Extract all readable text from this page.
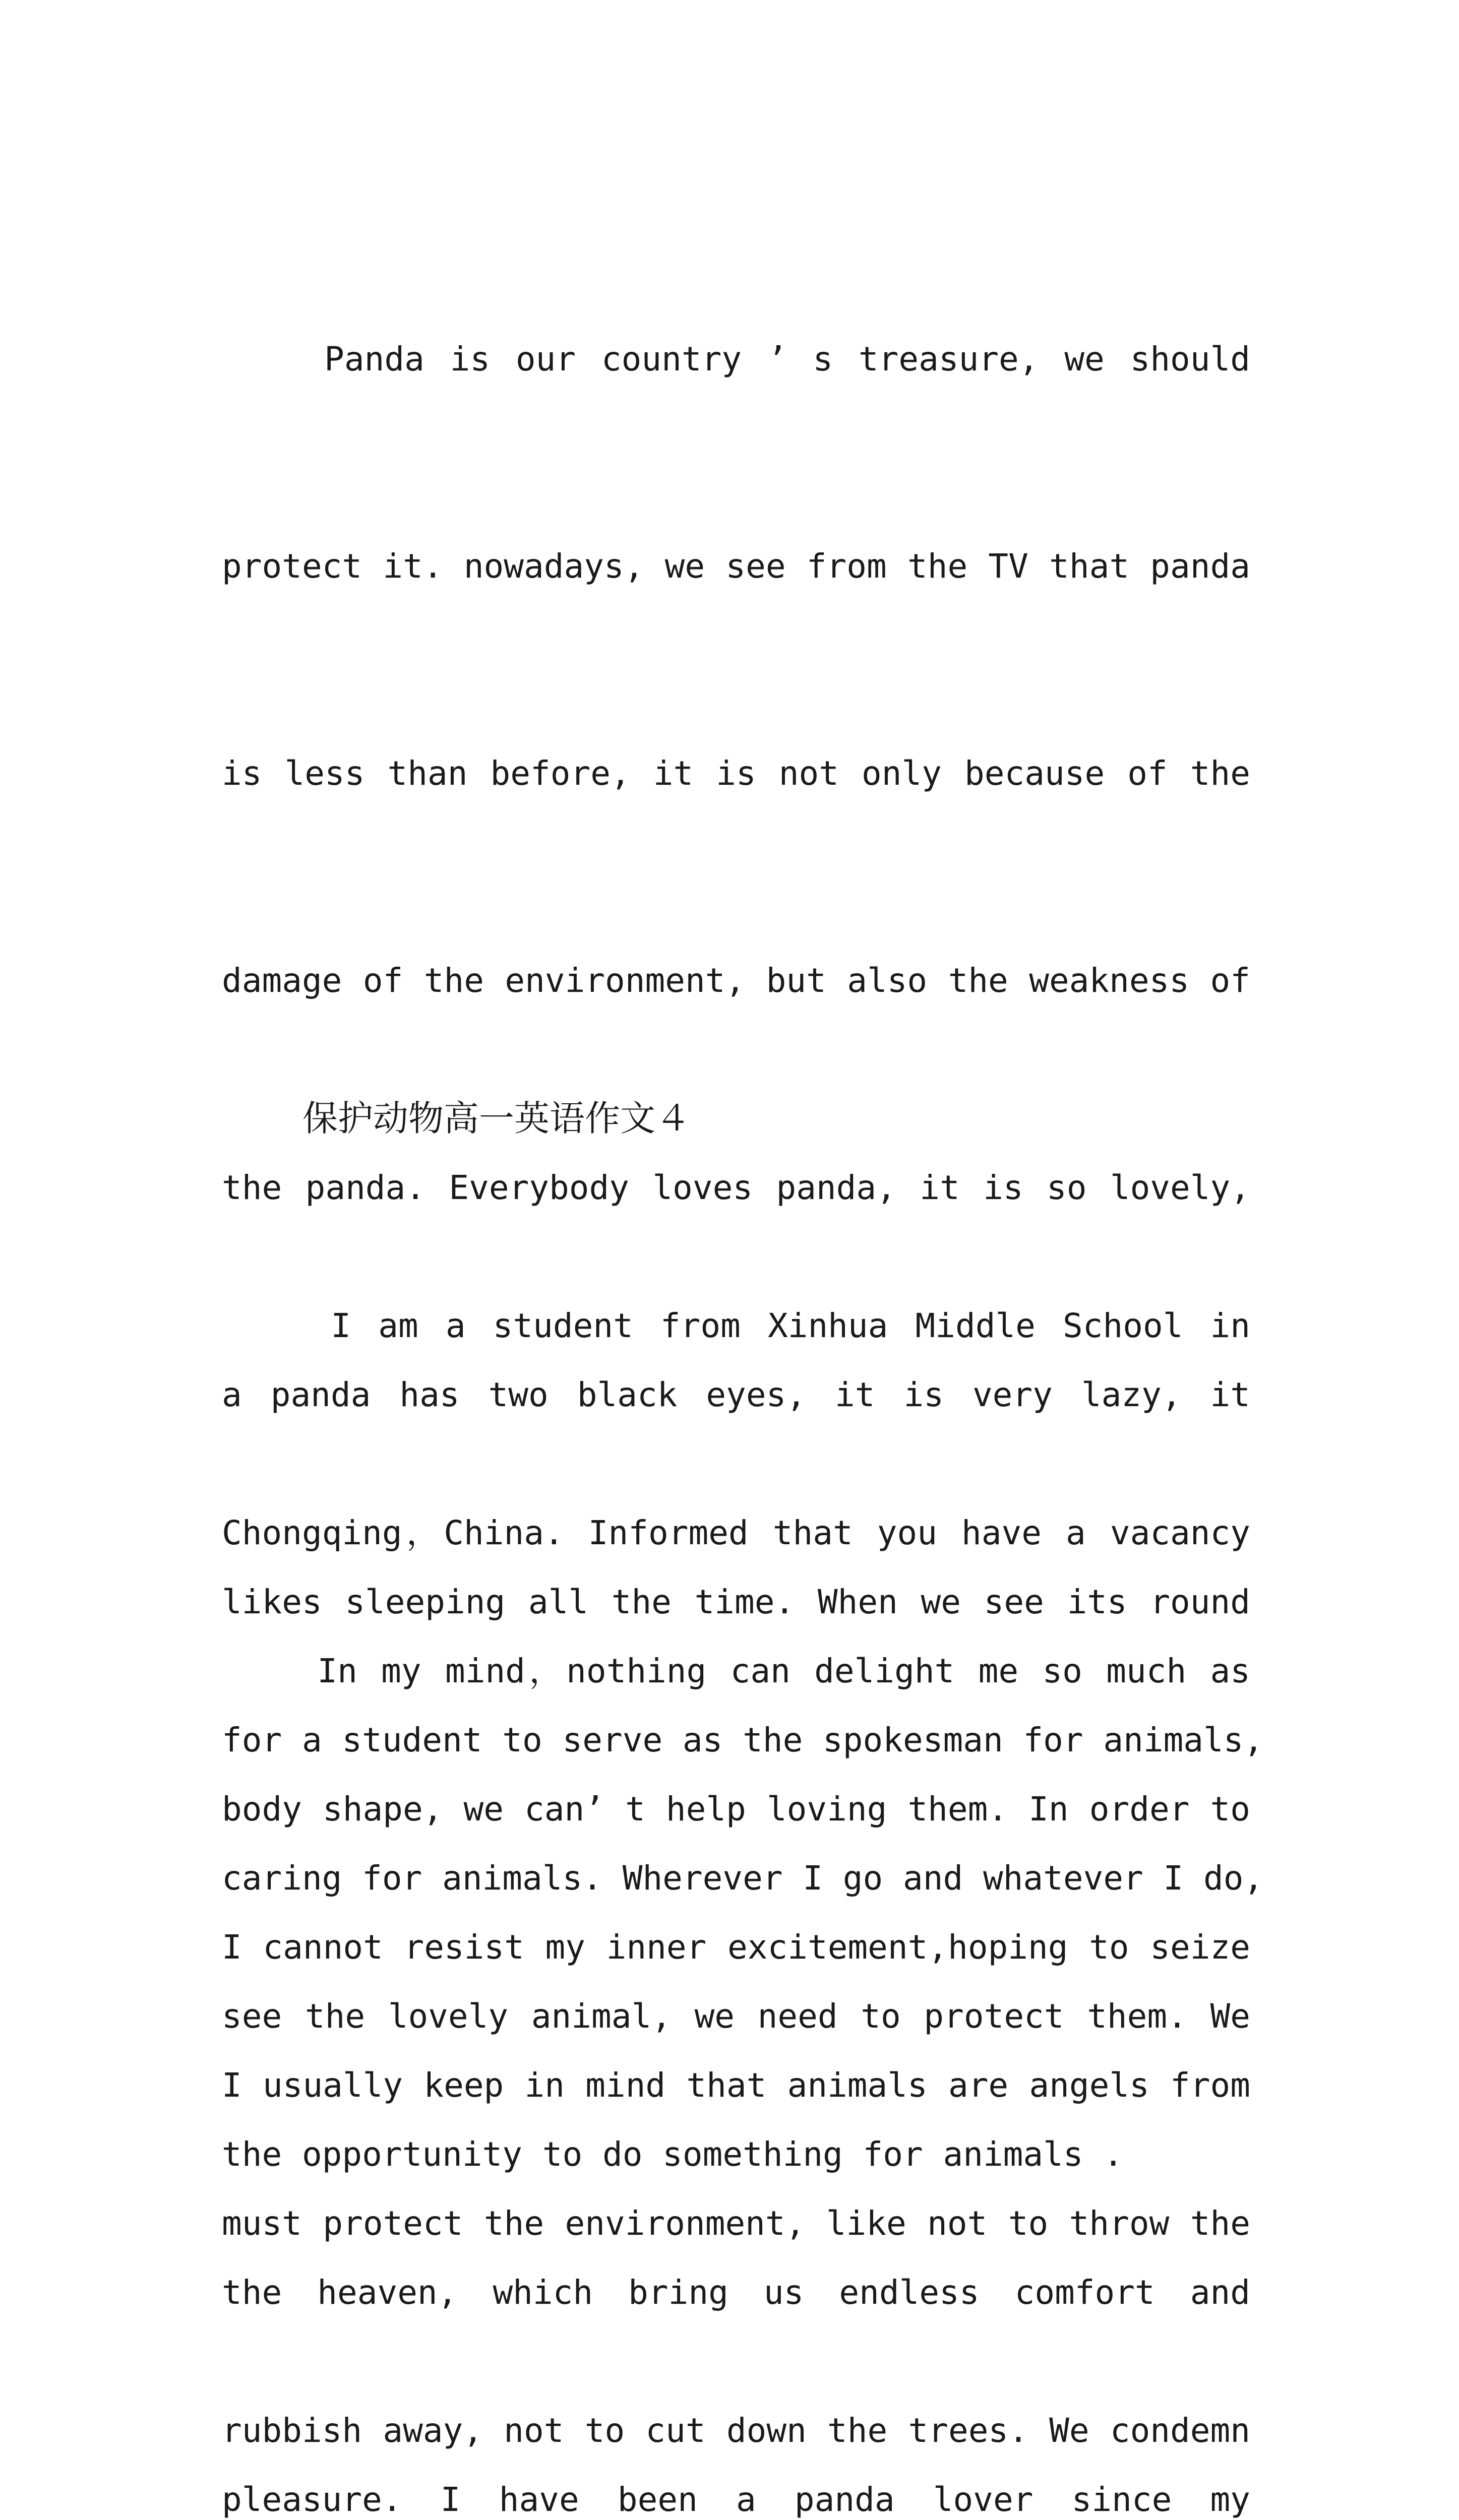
Panda is our country ’ s treasure, we should

protect it. nowadays, we see from the TV that panda

is less than before, it is not only because of the

damage of the environment, but also the weakness of

the panda. Everybody loves panda, it is so lovely,

a panda has two black eyes, it is very lazy, it

likes sleeping all the time. When we see its round

body shape, we can’ t help loving them. In order to

see the lovely animal, we need to protect them. We

must protect the environment, like not to throw the

rubbish away, not to cut down the trees. We condemn

保护动物高一英语作文４

I am a student from Xinhua Middle School in

Chongqing，China. Informed that you have a vacancy

for a student to serve as the spokesman for animals,

I cannot resist my inner excitement,hoping to seize

the opportunity to do something for animals .

In my mind，nothing can delight me so much as

caring for animals. Wherever I go and whatever I do,

I usually keep in mind that animals are angels from

the heaven, which bring us endless comfort and

pleasure. I have been a panda lover since my
